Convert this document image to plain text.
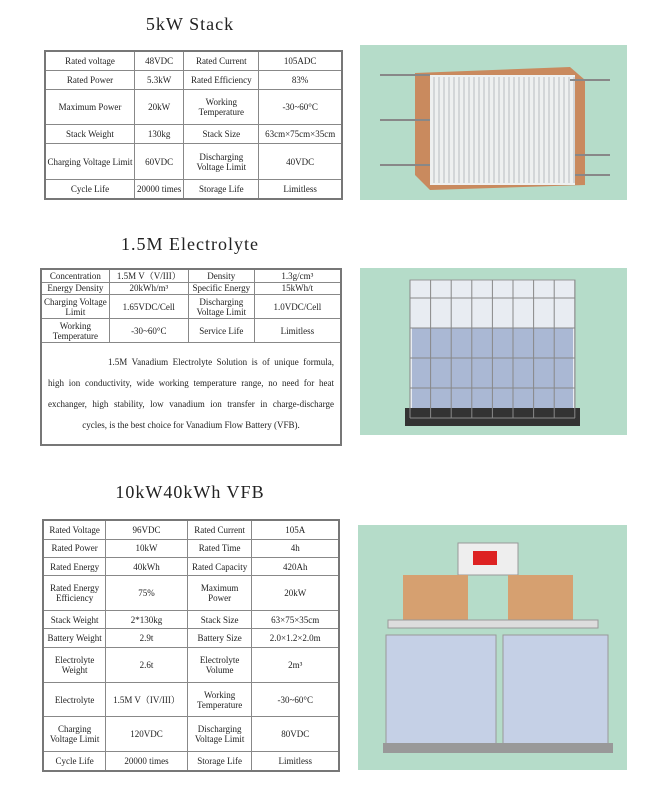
5kW Stack
Rated voltage	48VDC	Rated Current	105ADC
Rated Power	5.3kW	Rated Efficiency	83%
Maximum Power	20kW	Working Temperature	-30~60°C
Stack Weight	130kg	Stack Size	63cm×75cm×35cm
Charging Voltage Limit	60VDC	Discharging Voltage Limit	40VDC
Cycle Life	20000 times	Storage Life	Limitless
1.5M Electrolyte
Concentration	1.5M V（V/III）	Density	1.3g/cm³
Energy Density	20kWh/m³	Specific Energy	15kWh/t
Charging Voltage Limit	1.65VDC/Cell	Discharging Voltage Limit	1.0VDC/Cell
Working Temperature	-30~60°C	Service Life	Limitless
1.5M Vanadium Electrolyte Solution is of unique formula, high ion conductivity, wide working temperature range, no need for heat exchanger, high stability, low vanadium ion transfer in charge-discharge cycles, is the best choice for Vanadium Flow Battery (VFB).			
10kW40kWh VFB
Rated Voltage	96VDC	Rated Current	105A
Rated Power	10kW	Rated Time	4h
Rated Energy	40kWh	Rated Capacity	420Ah
Rated Energy Efficiency	75%	Maximum Power	20kW
Stack Weight	2*130kg	Stack Size	63×75×35cm
Battery Weight	2.9t	Battery Size	2.0×1.2×2.0m
Electrolyte Weight	2.6t	Electrolyte Volume	2m³
Electrolyte	1.5M V（IV/III）	Working Temperature	-30~60°C
Charging Voltage Limit	120VDC	Discharging Voltage Limit	80VDC
Cycle Life	20000 times	Storage Life	Limitless
